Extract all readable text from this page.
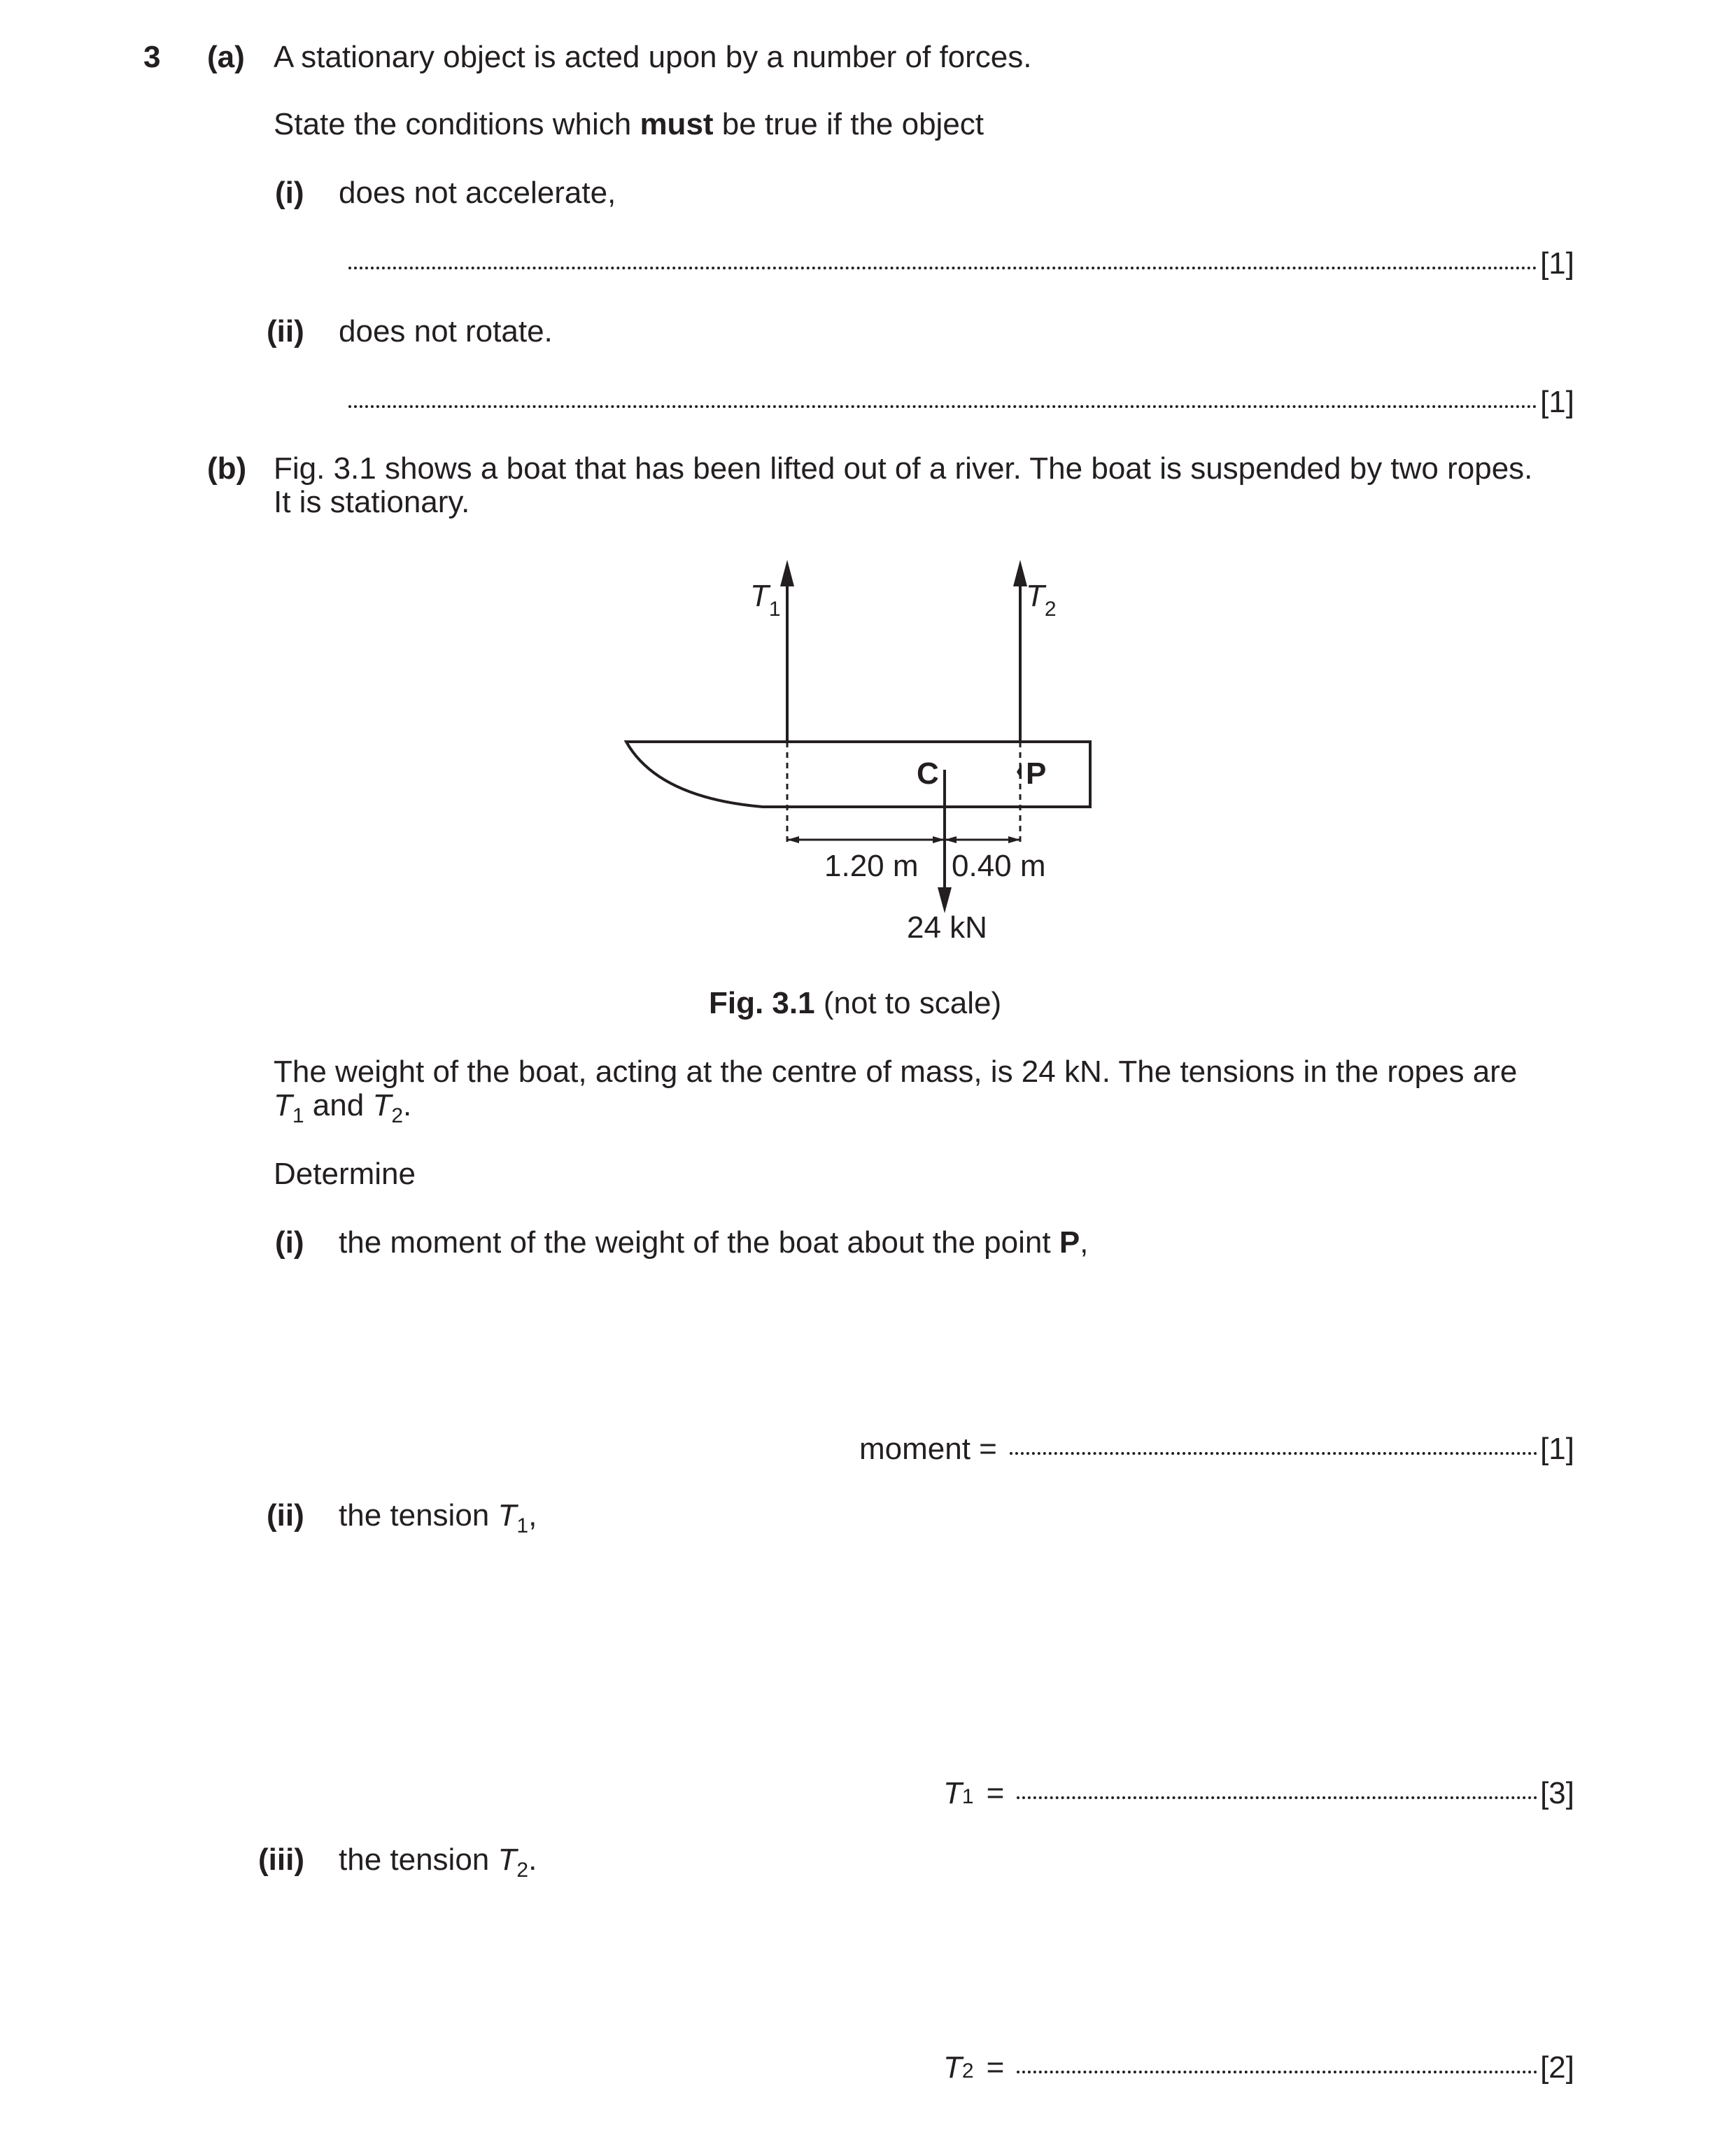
3 (a) A stationary object is acted upon by a number of forces.
State the conditions which must be true if the object
(i) does not accelerate,
[1]
(ii) does not rotate.
[1]
(b) Fig. 3.1 shows a boat that has been lifted out of a river. The boat is suspended by two ropes.
It is stationary.
$T_1$	$T_2$
C	P
1.20 m 0.40 m
24 kN
Fig. 3.1 (not to scale)
The weight of the boat, acting at the centre of mass, is 24 kN. The tensions in the ropes are
$T_1$ and $T_2$.
Determine
(i) the moment of the weight of the boat about the point P,
moment =	[1]
(ii) the tension $T_1$,
T 1 =	[3]
(iii) the tension $T_2$.
T 2 =	[2]
